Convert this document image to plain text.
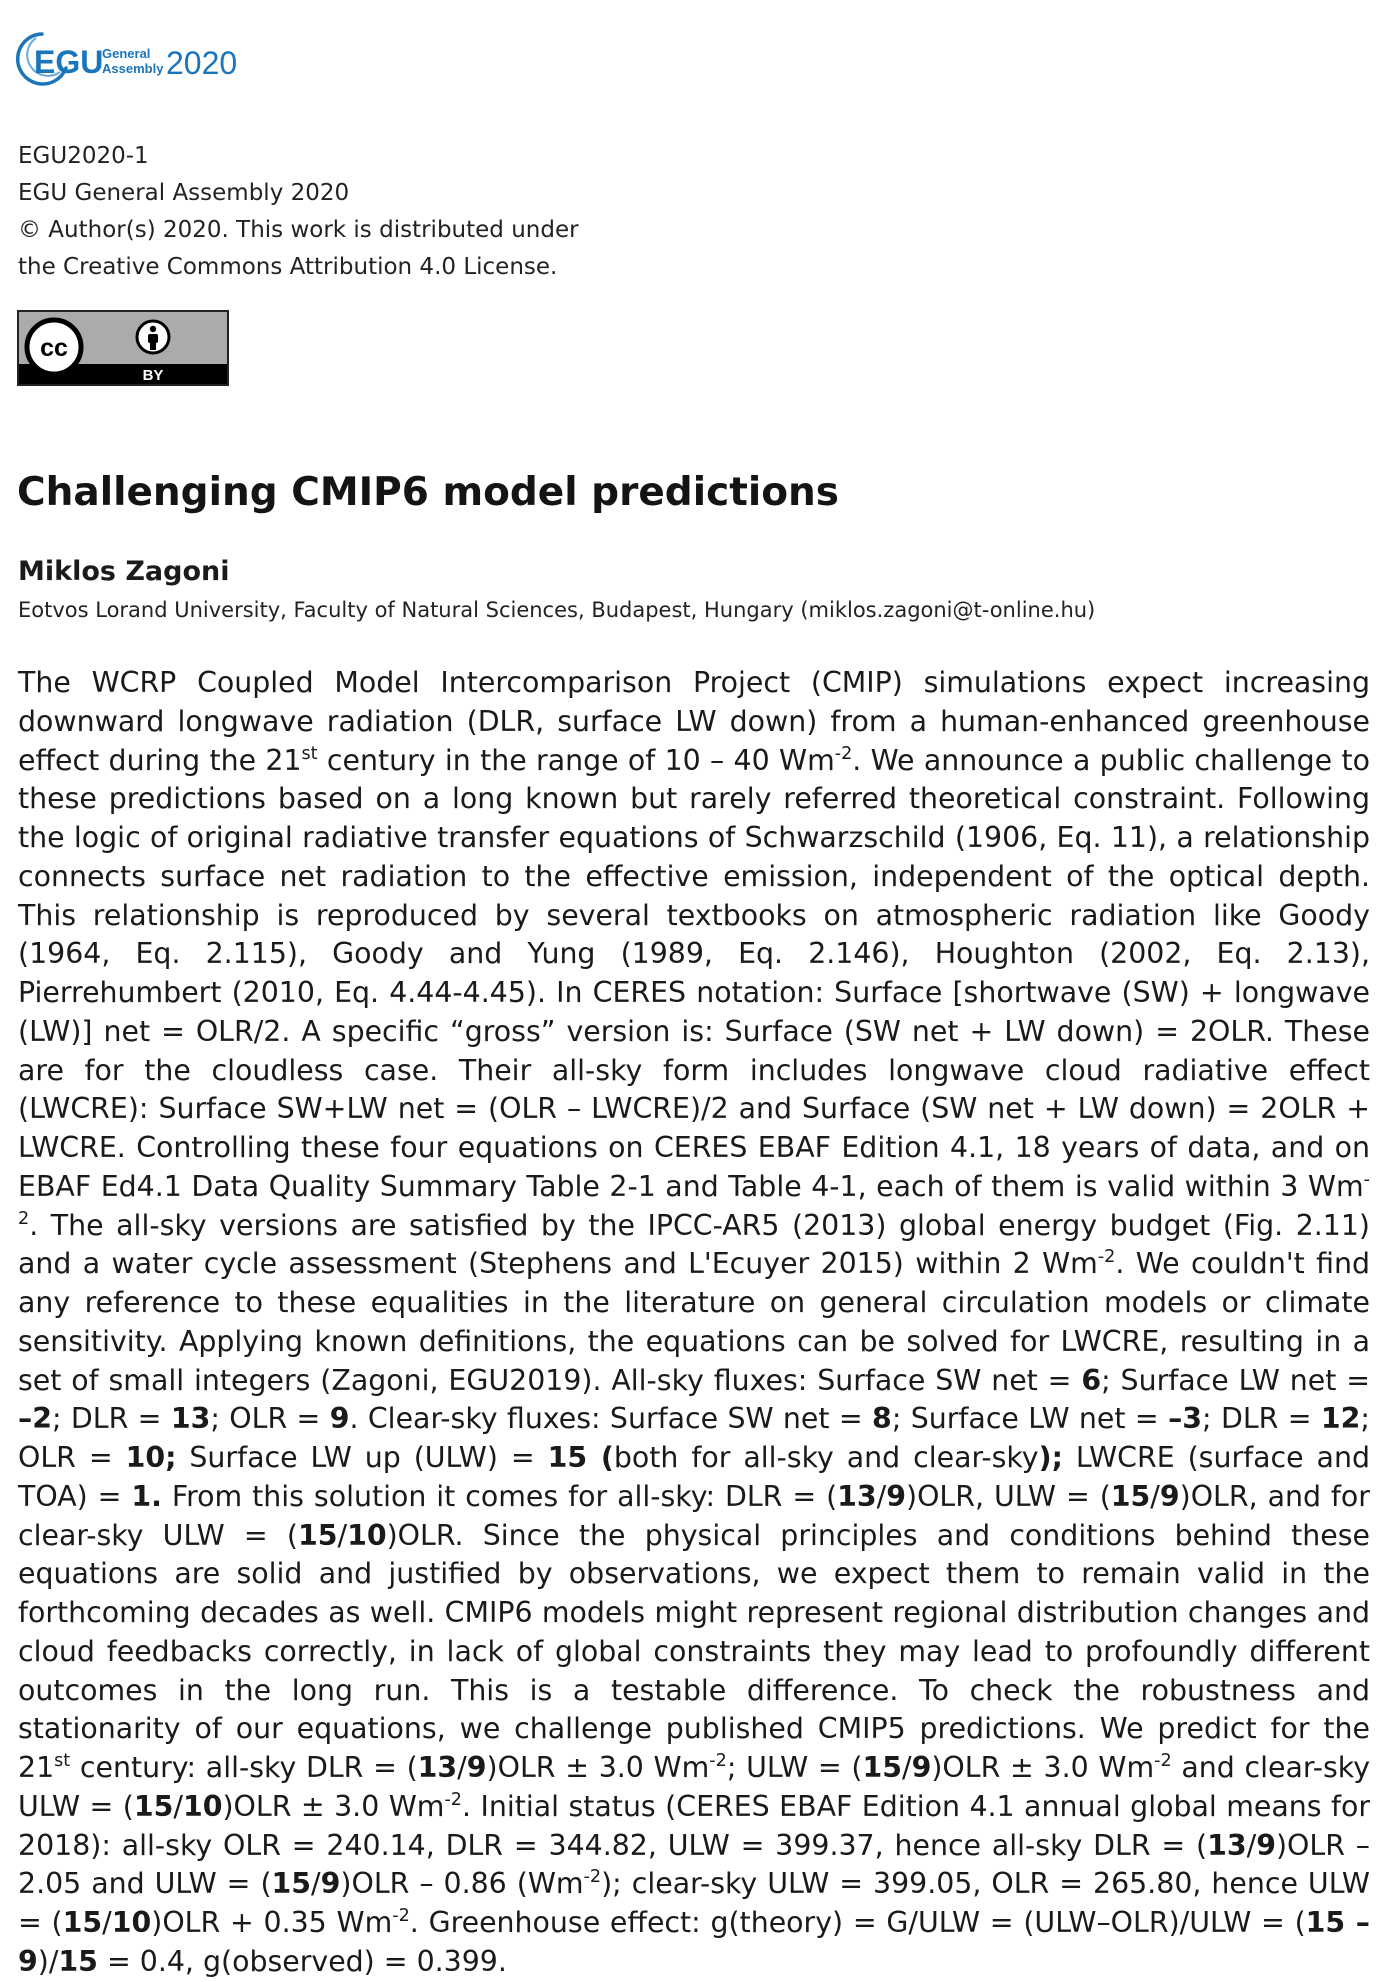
EGU
General
Assembly 2020
EGU2020-1
EGU General Assembly 2020
© Author(s) 2020. This work is distributed under
the Creative Commons Attribution 4.0 License.
cc
BY
Challenging CMIP6 model predictions
Miklos Zagoni
Eotvos Lorand University, Faculty of Natural Sciences, Budapest, Hungary (miklos.zagoni@t-online.hu)
The WCRP Coupled Model Intercomparison Project (CMIP) simulations expect increasing downward longwave radiation (DLR, surface LW down) from a human-enhanced greenhouse effect during the 21st century in the range of 10 – 40 $Wm^{-2}$. We announce a public challenge to these predictions based on a long known but rarely referred theoretical constraint. Following the logic of original radiative transfer equations of Schwarzschild (1906, Eq. 11), a relationship connects surface net radiation to the effective emission, independent of the optical depth. This relationship is reproduced by several textbooks on atmospheric radiation like Goody (1964, Eq. 2.115), Goody and Yung (1989, Eq. 2.146), Houghton (2002, Eq. 2.13), Pierrehumbert (2010, Eq. 4.44-4.45). In CERES notation: Surface [shortwave (SW) + longwave (LW)] net = OLR/2. A specific “gross” version is: Surface (SW net + LW down) = 2OLR. These are for the cloudless case. Their all-sky form includes longwave cloud radiative effect (LWCRE): Surface SW+LW net = (OLR – LWCRE)/2 and Surface (SW net + LW down) = 2OLR + LWCRE. Controlling these four equations on CERES EBAF Edition 4.1, 18 years of data, and on EBAF Ed4.1 Data Quality Summary Table 2-1 and Table 4-1, each of them is valid within 3 $Wm^{-2}$. The all-sky versions are satisfied by the IPCC-AR5 (2013) global energy budget (Fig. 2.11) and a water cycle assessment (Stephens and L'Ecuyer 2015) within 2 $Wm^{-2}$. We couldn't find any reference to these equalities in the literature on general circulation models or climate sensitivity. Applying known definitions, the equations can be solved for LWCRE, resulting in a set of small integers (Zagoni, EGU2019). All-sky fluxes: Surface SW net = 6; Surface LW net = –2; DLR = 13; OLR = 9. Clear-sky fluxes: Surface SW net = 8; Surface LW net = –3; DLR = 12; OLR = 10; Surface LW up (ULW) = 15 (both for all-sky and clear-sky); LWCRE (surface and TOA) = 1. From this solution it comes for all-sky: DLR = (13/9)OLR, ULW = (15/9)OLR, and for clear-sky ULW = (15/10)OLR. Since the physical principles and conditions behind these equations are solid and justified by observations, we expect them to remain valid in the forthcoming decades as well. CMIP6 models might represent regional distribution changes and cloud feedbacks correctly, in lack of global constraints they may lead to profoundly different outcomes in the long run. This is a testable difference. To check the robustness and stationarity of our equations, we challenge published CMIP5 predictions. We predict for the 21st century: all-sky DLR = (13/9)OLR ± 3.0 $Wm^{-2}$; ULW = (15/9)OLR ± 3.0 $Wm^{-2}$ and clear-sky ULW = (15/10)OLR ± 3.0 $Wm^{-2}$. Initial status (CERES EBAF Edition 4.1 annual global means for 2018): all-sky OLR = 240.14, DLR = 344.82, ULW = 399.37, hence all-sky DLR = (13/9)OLR – 2.05 and ULW = (15/9)OLR – 0.86 $(Wm^{-2})$; clear-sky ULW = 399.05, OLR = 265.80, hence ULW = (15/10)OLR + 0.35 $Wm^{-2}$. Greenhouse effect: g(theory) = G/ULW = (ULW–OLR)/ULW = (15 – 9)/15 = 0.4, g(observed) = 0.399.
